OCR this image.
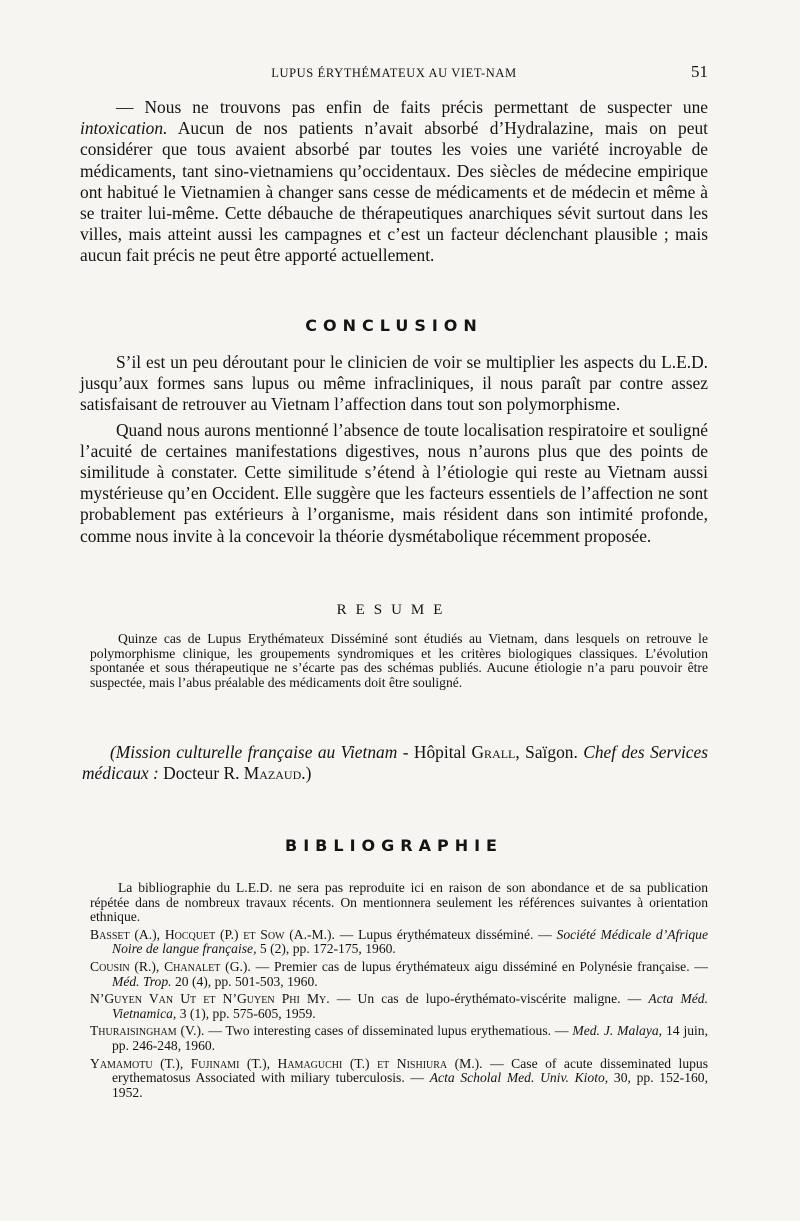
LUPUS ÉRYTHÉMATEUX AU VIET-NAM	51

— Nous ne trouvons pas enfin de faits précis permettant de suspecter une intoxication. Aucun de nos patients n’avait absorbé d’Hydralazine, mais on peut considérer que tous avaient absorbé par toutes les voies une variété incroyable de médicaments, tant sino-vietnamiens qu’occidentaux. Des siècles de médecine empirique ont habitué le Vietnamien à changer sans cesse de médicaments et de médecin et même à se traiter lui-même. Cette débauche de thérapeutiques anarchiques sévit surtout dans les villes, mais atteint aussi les campagnes et c’est un facteur déclenchant plausible ; mais aucun fait précis ne peut être apporté actuellement.

CONCLUSION

S’il est un peu déroutant pour le clinicien de voir se multiplier les aspects du L.E.D. jusqu’aux formes sans lupus ou même infracliniques, il nous paraît par contre assez satisfaisant de retrouver au Vietnam l’affection dans tout son polymorphisme.

Quand nous aurons mentionné l’absence de toute localisation respiratoire et souligné l’acuité de certaines manifestations digestives, nous n’aurons plus que des points de similitude à constater. Cette similitude s’étend à l’étiologie qui reste au Vietnam aussi mystérieuse qu’en Occident. Elle suggère que les facteurs essentiels de l’affection ne sont probablement pas extérieurs à l’organisme, mais résident dans son intimité profonde, comme nous invite à la concevoir la théorie dysmétabolique récemment proposée.

RESUME

Quinze cas de Lupus Erythémateux Disséminé sont étudiés au Vietnam, dans lesquels on retrouve le polymorphisme clinique, les groupements syndromiques et les critères biologiques classiques. L’évolution spontanée et sous thérapeutique ne s’écarte pas des schémas publiés. Aucune étiologie n’a paru pouvoir être suspectée, mais l’abus préalable des médicaments doit être souligné.

(Mission culturelle française au Vietnam - Hôpital Grall, Saïgon. Chef des Services médicaux : Docteur R. Mazaud.)

BIBLIOGRAPHIE

La bibliographie du L.E.D. ne sera pas reproduite ici en raison de son abondance et de sa publication répétée dans de nombreux travaux récents. On mentionnera seulement les références suivantes à orientation ethnique.

Basset (A.), Hocquet (P.) et Sow (A.-M.). — Lupus érythémateux disséminé. — Société Médicale d’Afrique Noire de langue française, 5 (2), pp. 172-175, 1960.

Cousin (R.), Chanalet (G.). — Premier cas de lupus érythémateux aigu disséminé en Polynésie française. — Méd. Trop. 20 (4), pp. 501-503, 1960.

N’Guyen Van Ut et N’Guyen Phi My. — Un cas de lupo-érythémato-viscérite maligne. — Acta Méd. Vietnamica, 3 (1), pp. 575-605, 1959.

Thuraisingham (V.). — Two interesting cases of disseminated lupus erythematious. — Med. J. Malaya, 14 juin, pp. 246-248, 1960.

Yamamotu (T.), Fujinami (T.), Hamaguchi (T.) et Nishiura (M.). — Case of acute disseminated lupus erythematosus Associated with miliary tuberculosis. — Acta Scholal Med. Univ. Kioto, 30, pp. 152-160, 1952.
